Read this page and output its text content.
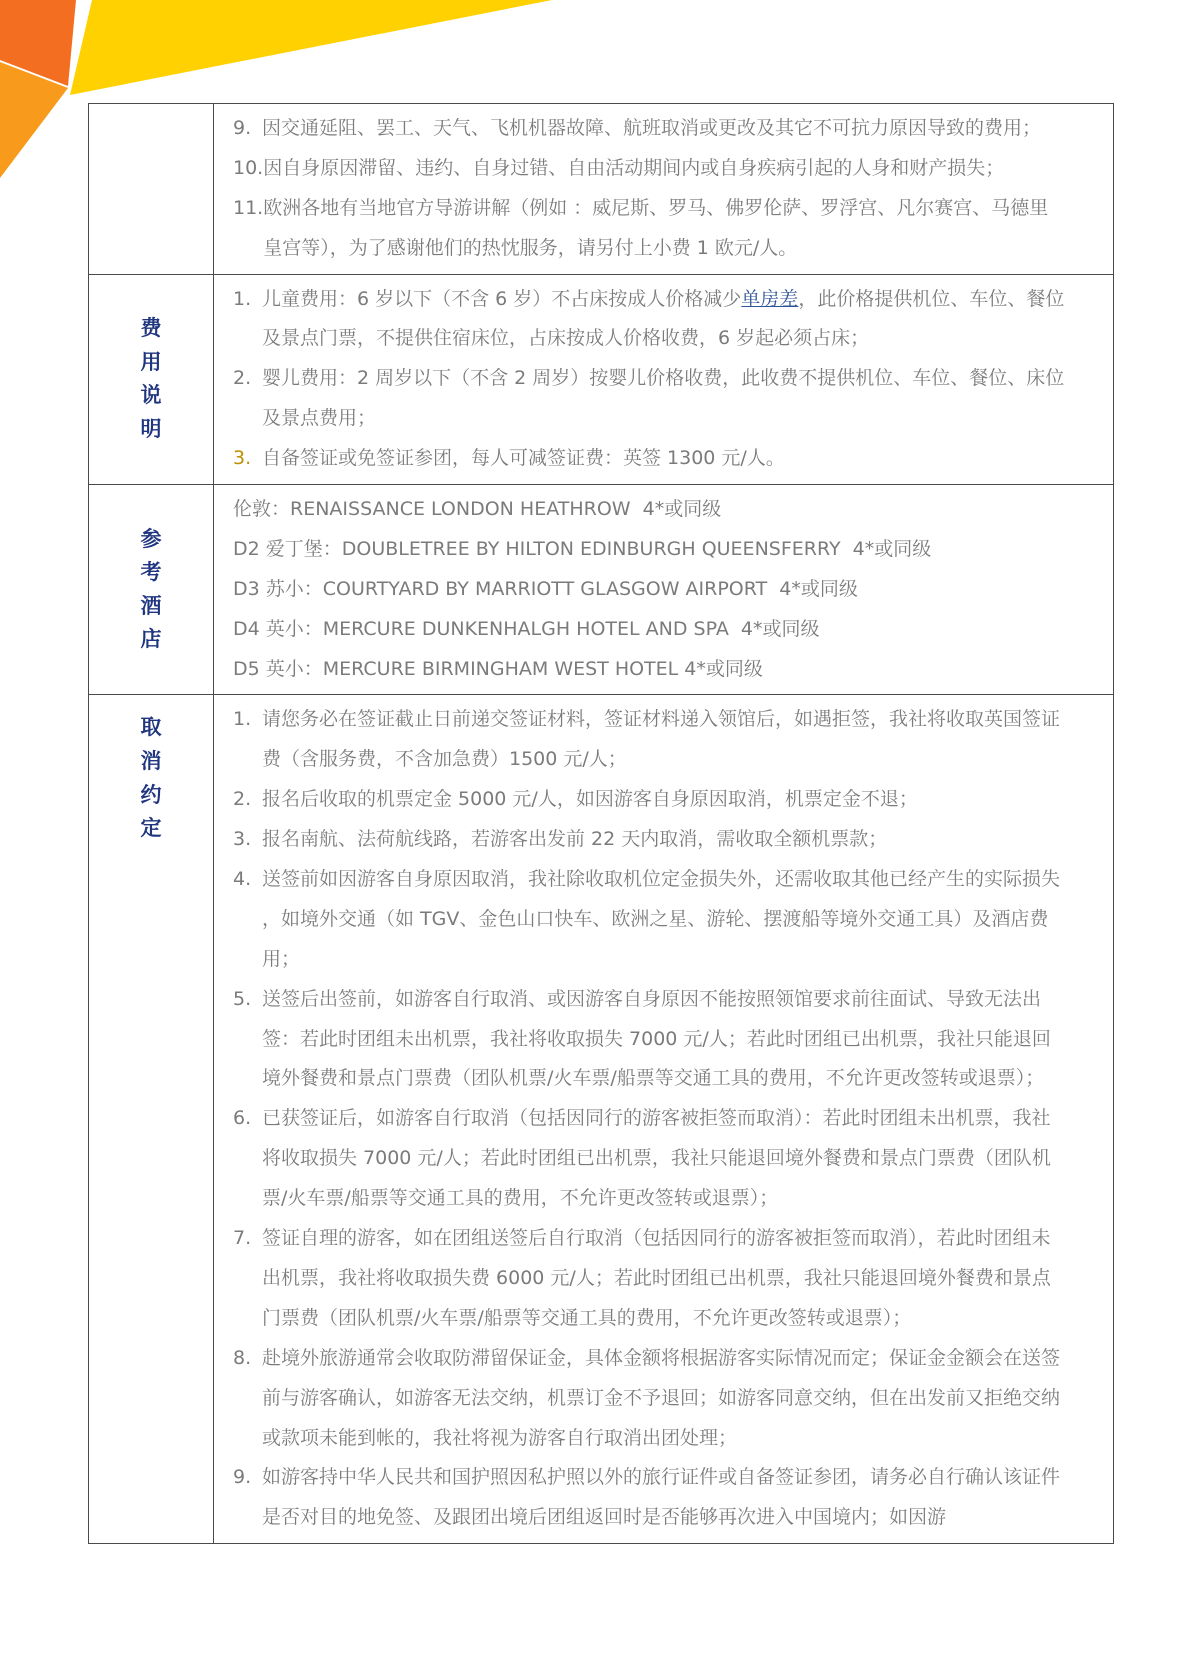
9. 因交通延阻、罢工、天气、飞机机器故障、航班取消或更改及其它不可抗力原因导致的费用；
10. 因自身原因滞留、违约、自身过错、自由活动期间内或自身疾病引起的人身和财产损失；
11. 欧洲各地有当地官方导游讲解（例如 ：威尼斯、罗马、佛罗伦萨、罗浮宫、凡尔赛宫、马德里皇宫等），为了感谢他们的热忱服务，请另付上小费 1 欧元/人。
费用说明
1. 儿童费用：6 岁以下（不含 6 岁）不占床按成人价格减少单房差，此价格提供机位、车位、餐位及景点门票，不提供住宿床位，占床按成人价格收费，6 岁起必须占床；
2. 婴儿费用：2 周岁以下（不含 2 周岁）按婴儿价格收费，此收费不提供机位、车位、餐位、床位及景点费用；
3. 自备签证或免签证参团，每人可减签证费：英签 1300 元/人。
参考酒店
伦敦：RENAISSANCE LONDON HEATHROW  4*或同级
D2 爱丁堡：DOUBLETREE BY HILTON EDINBURGH QUEENSFERRY  4*或同级
D3 苏小：COURTYARD BY MARRIOTT GLASGOW AIRPORT  4*或同级
D4 英小：MERCURE DUNKENHALGH HOTEL AND SPA  4*或同级
D5 英小：MERCURE BIRMINGHAM WEST HOTEL 4*或同级
取消约定
1. 请您务必在签证截止日前递交签证材料，签证材料递入领馆后，如遇拒签，我社将收取英国签证费（含服务费，不含加急费）1500 元/人；
2. 报名后收取的机票定金 5000 元/人，如因游客自身原因取消，机票定金不退；
3. 报名南航、法荷航线路，若游客出发前 22 天内取消，需收取全额机票款；
4. 送签前如因游客自身原因取消，我社除收取机位定金损失外，还需收取其他已经产生的实际损失 ，如境外交通（如 TGV、金色山口快车、欧洲之星、游轮、摆渡船等境外交通工具）及酒店费用；
5. 送签后出签前，如游客自行取消、或因游客自身原因不能按照领馆要求前往面试、导致无法出签：若此时团组未出机票，我社将收取损失 7000 元/人；若此时团组已出机票，我社只能退回境外餐费和景点门票费（团队机票/火车票/船票等交通工具的费用，不允许更改签转或退票）；
6. 已获签证后，如游客自行取消（包括因同行的游客被拒签而取消）：若此时团组未出机票，我社将收取损失 7000 元/人；若此时团组已出机票，我社只能退回境外餐费和景点门票费（团队机票/火车票/船票等交通工具的费用，不允许更改签转或退票）；
7. 签证自理的游客，如在团组送签后自行取消（包括因同行的游客被拒签而取消），若此时团组未出机票，我社将收取损失费 6000 元/人；若此时团组已出机票，我社只能退回境外餐费和景点门票费（团队机票/火车票/船票等交通工具的费用，不允许更改签转或退票）；
8. 赴境外旅游通常会收取防滞留保证金，具体金额将根据游客实际情况而定；保证金金额会在送签前与游客确认，如游客无法交纳，机票订金不予退回；如游客同意交纳，但在出发前又拒绝交纳或款项未能到帐的，我社将视为游客自行取消出团处理；
9. 如游客持中华人民共和国护照因私护照以外的旅行证件或自备签证参团，请务必自行确认该证件是否对目的地免签、及跟团出境后团组返回时是否能够再次进入中国境内；如因游
